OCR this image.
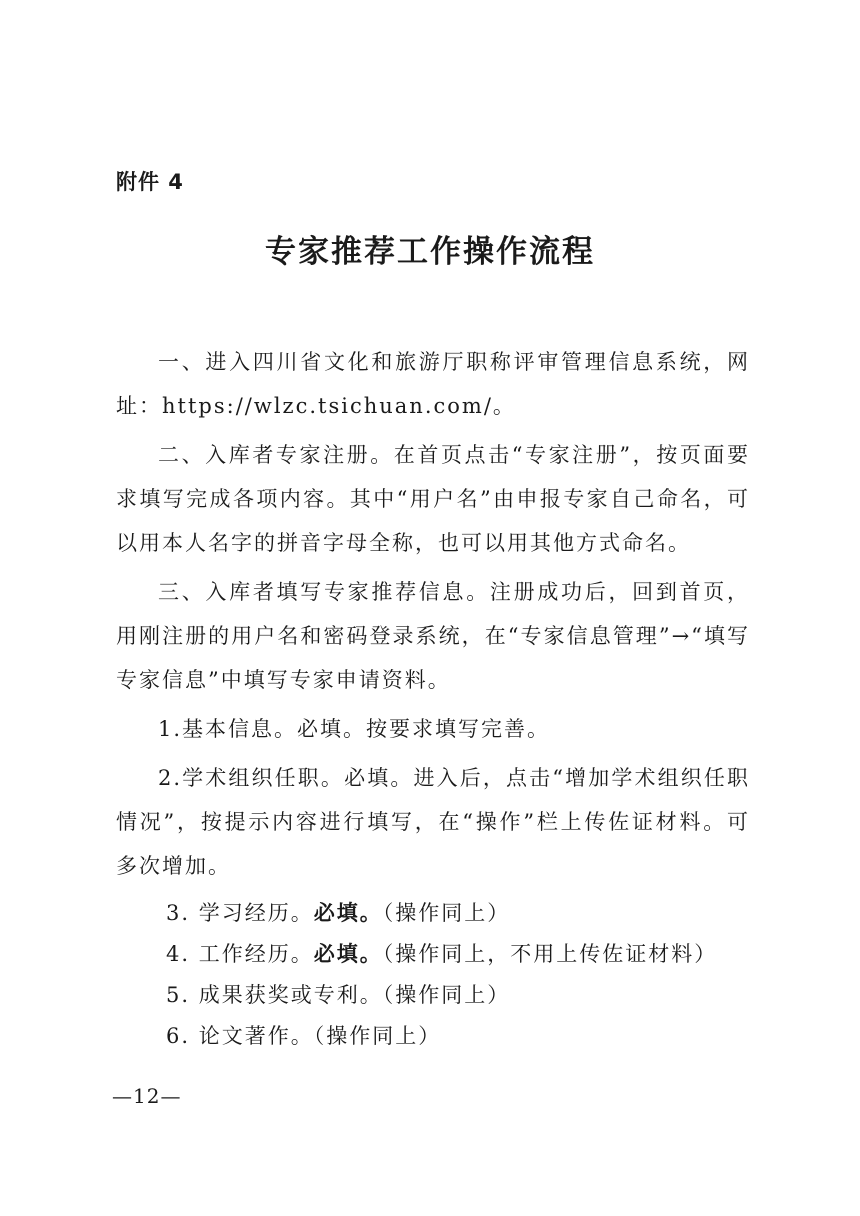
附件 4

专家推荐工作操作流程

一、进入四川省文化和旅游厅职称评审管理信息系统，网址：https://wlzc.tsichuan.com/。

二、入库者专家注册。在首页点击“专家注册”，按页面要求填写完成各项内容。其中“用户名”由申报专家自己命名，可以用本人名字的拼音字母全称，也可以用其他方式命名。

三、入库者填写专家推荐信息。注册成功后，回到首页，用刚注册的用户名和密码登录系统，在“专家信息管理”→“填写专家信息”中填写专家申请资料。

1.基本信息。必填。按要求填写完善。

2.学术组织任职。必填。进入后，点击“增加学术组织任职情况”，按提示内容进行填写，在“操作”栏上传佐证材料。可多次增加。

3. 学习经历。必填。（操作同上）

4. 工作经历。必填。（操作同上，不用上传佐证材料）

5. 成果获奖或专利。（操作同上）

6. 论文著作。（操作同上）

—12—
